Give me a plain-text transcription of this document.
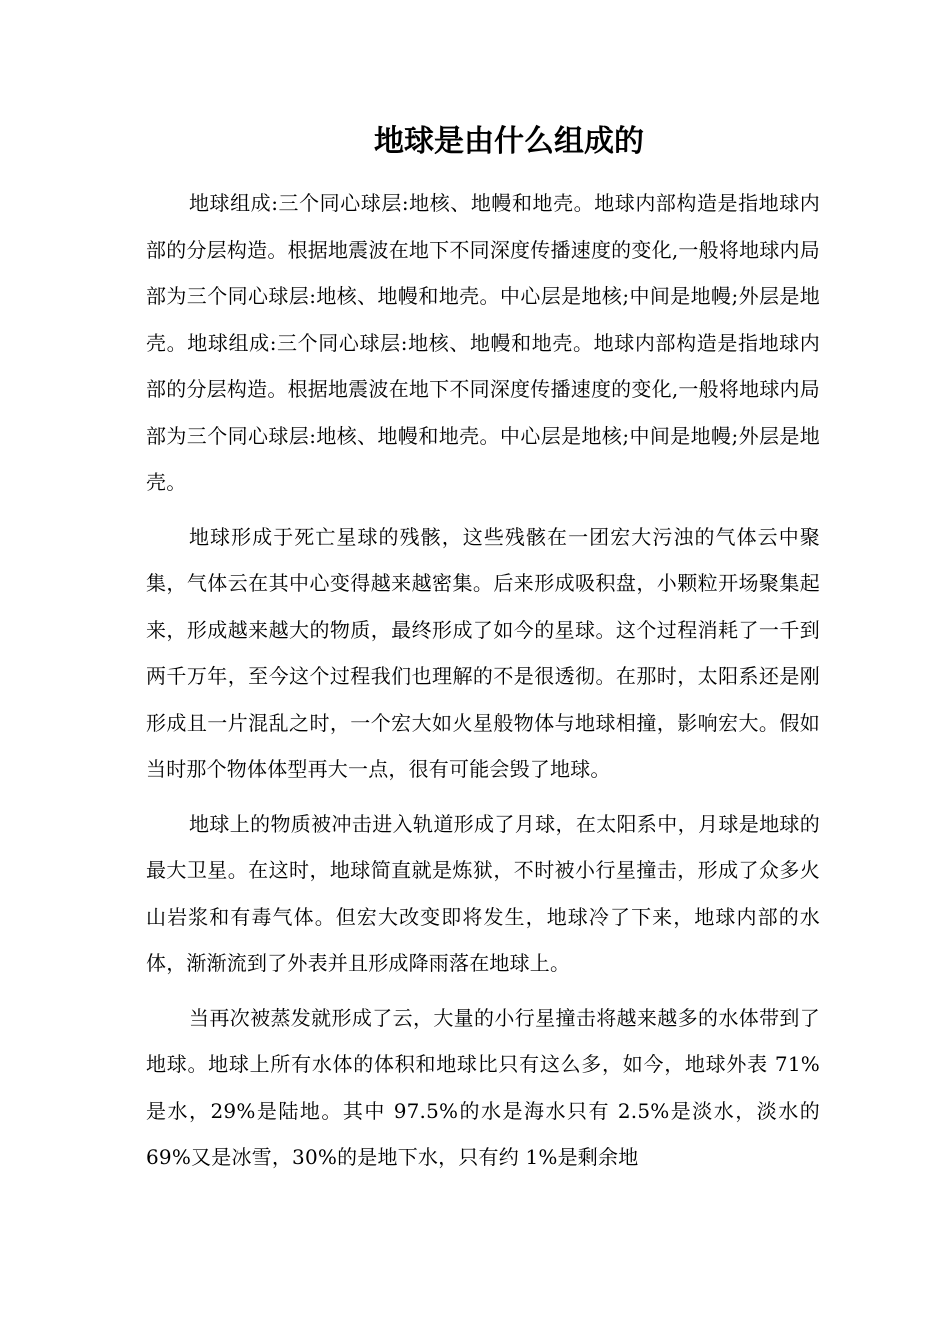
地球是由什么组成的

地球组成:三个同心球层:地核、地幔和地壳。地球内部构造是指地球内部的分层构造。根据地震波在地下不同深度传播速度的变化,一般将地球内局部为三个同心球层:地核、地幔和地壳。中心层是地核;中间是地幔;外层是地壳。地球组成:三个同心球层:地核、地幔和地壳。地球内部构造是指地球内部的分层构造。根据地震波在地下不同深度传播速度的变化,一般将地球内局部为三个同心球层:地核、地幔和地壳。中心层是地核;中间是地幔;外层是地壳。

地球形成于死亡星球的残骸，这些残骸在一团宏大污浊的气体云中聚集，气体云在其中心变得越来越密集。后来形成吸积盘，小颗粒开场聚集起来，形成越来越大的物质，最终形成了如今的星球。这个过程消耗了一千到两千万年，至今这个过程我们也理解的不是很透彻。在那时，太阳系还是刚形成且一片混乱之时，一个宏大如火星般物体与地球相撞，影响宏大。假如当时那个物体体型再大一点，很有可能会毁了地球。

地球上的物质被冲击进入轨道形成了月球，在太阳系中，月球是地球的最大卫星。在这时，地球简直就是炼狱，不时被小行星撞击，形成了众多火山岩浆和有毒气体。但宏大改变即将发生，地球冷了下来，地球内部的水体，渐渐流到了外表并且形成降雨落在地球上。

当再次被蒸发就形成了云，大量的小行星撞击将越来越多的水体带到了地球。地球上所有水体的体积和地球比只有这么多，如今，地球外表 71%是水，29%是陆地。其中 97.5%的水是海水只有 2.5%是淡水，淡水的 69%又是冰雪，30%的是地下水，只有约 1%是剩余地
